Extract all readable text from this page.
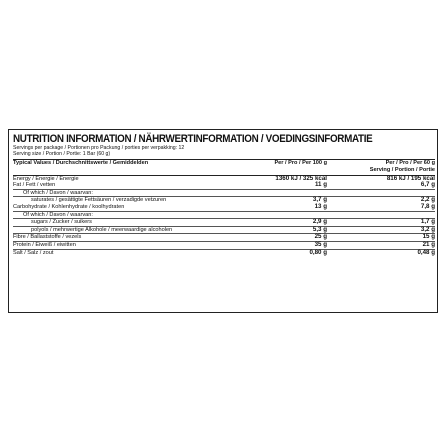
NUTRITION INFORMATION / NÄHRWERTINFORMATION / VOEDINGSINFORMATIE
Servings per package / Portionen pro Packung / porties per verpakking: 12
Serving size / Portion / Portie: 1 Bar (60 g)
Typical Values / Durchschnittswerte / Gemiddelden	Per / Pro / Per 100 g	Per / Pro / Per 60 g
Serving / Portion / Portie

Energy / Energie / Energie	1360 kJ / 325 kcal	816 kJ / 195 kcal
Fat / Fett / vetten	11 g	6,7 g
Of which / Davon / waarvan:		
saturates / gesättigte Fettsäuren / verzadigde vetzuren	3,7 g	2,2 g
Carbohydrate / Kohlenhydrate / koolhydraten	13 g	7,8 g
Of which / Davon / waarvan:		
sugars / Zucker / suikers	2,9 g	1,7 g
polyols / mehrwertige Alkohole / meerwaardige alcoholen	5,3 g	3,2 g
Fibre / Ballaststoffe / vezels	25 g	15 g
Protein / Eiweiß / eiwitten	35 g	21 g
Salt / Salz / zout	0,80 g	0,48 g
